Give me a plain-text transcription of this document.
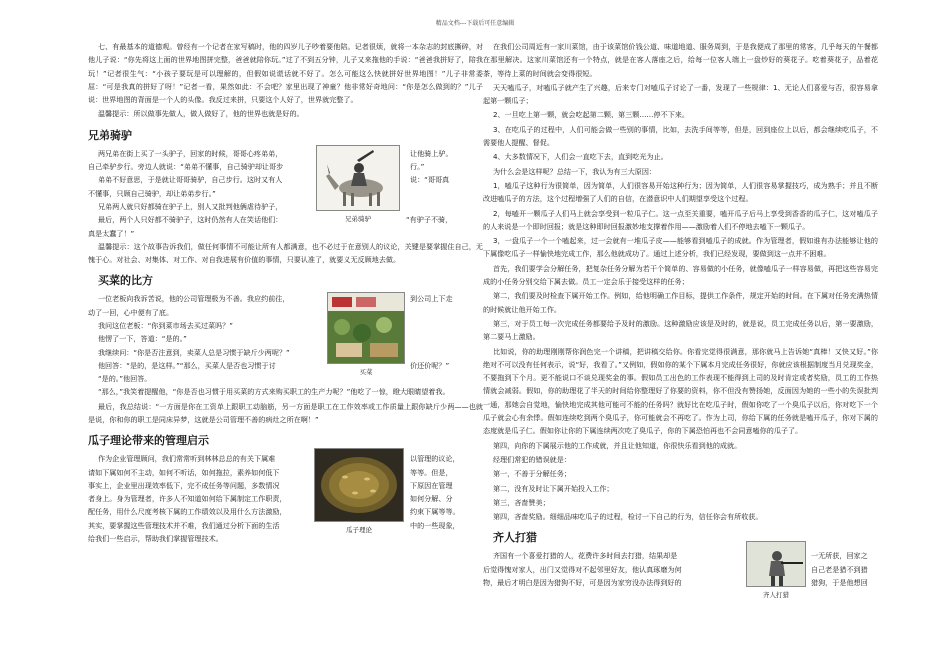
精品文档---下载后可任意编辑

七、有最基本的道德观。曾经有一个记者在家写稿时，他的四岁儿子吵着要他陪。记者很烦，就将一本杂志的封底撕碎，对他儿子说：“你先将这上面的世界地图拼完整，爸爸就陪你玩。”过了不到五分钟，儿子又来拖他的手说：“爸爸我拼好了，陪我玩！”记者很生气：“小孩子要玩是可以理解的，但假如说谎话就不好了。怎么可能这么快就拼好世界地图！”儿子非常委屈：“可是我真的拼好了呀！”记者一看，果然如此：不会吧？家里出现了神童？他非常好奇地问：“你是怎么做到的？”儿子说：世界地图的背面是一个人的头像。我反过来拼，只要这个人好了，世界就完整了。

温馨提示：所以做事先做人，做人做好了，他的世界也就是好的。

兄弟骑驴
两兄弟在街上买了一头驴子，回家的时候，哥哥心疼弟弟，	让他骑上驴。
自己牵驴步行。旁边人就说：“弟弟不懂事，自己骑驴却让哥步	行。”
弟弟不好意思，于是就让哥哥骑驴，自己步行。这时又有人	说：“哥哥真
不懂事，只顾自己骑驴，却让弟弟步行。”
兄弟两人就只好都骑在驴子上，别人又批判他俩虐待驴子，
最后，两个人只好都不骑驴子，这时仍然有人在笑话他们：	“有驴子不骑，
真是太蠢了！”
兄弟骑驴

温馨提示：这个故事告诉我们，做任何事情不可能让所有人都满意，也不必过于在意别人的议论，关键是要掌握住自己，无愧于心。对社会、对集体、对工作、对自我进展有价值的事情，只要认准了，就要义无反顾地去做。

买菜的比方
一位老板向我诉苦说，他的公司管理极为不善。我应约前往，	到公司上下走
动了一回，心中便有了底。
我问这位老板：“你到菜市场去买过菜吗？”
他愣了一下，答道：“是的。”
我继续问：“你是否注意到，卖菜人总是习惯于缺斤少两呢？”
他回答：“是的，是这样。”“那么，买菜人是否也习惯于讨	价还价呢？”
“是的。”他回答。
买菜

“那么，”我笑着提醒他，“你是否也习惯于用买菜的方式来购买职工的生产力呢？”他吃了一惊，瞪大眼睛望着我。

最后，我总结说：“一方面是你在工资单上跟职工动脑筋，另一方面是职工在工作效率或工作质量上跟你缺斤少两——也就是说，你和你的职工是同床异梦，这就是公司管理不善的病灶之所在啊！”

瓜子理论带来的管理启示
作为企业管理顾问，我们常常听到林林总总的有关下属难
请如下属如何不主动，如何不听话，如何拖拉，素养如何低下
事实上，企业里出现效率低下，完不成任务等问题，多数情况
者身上。身为管理者，许多人不知道如何给下属制定工作职责，
配任务，用什么尺度考核下属的工作绩效以及用什么方法激励，
其实，要掌握这些管理技术并不难，我们通过分析下面的生活
给我们一些启示，帮助我们掌握管理技术。
瓜子理论
以管理的议论，
等等。但是，
下原因在管理
如何分解、分
约束下属等等。
中的一些现象，

在我们公司周近有一家川菜馆，由于该菜馆价钱公道、味道地道、服务周到，于是我便成了那里的常客，几乎每天的午餐都在那里解决。这家川菜馆还有一个特点，就是在客人落座之后，给每一位客人端上一盘炒好的葵花子。吃着葵花子，品着花茶，等待上菜的时间就会变得很短。

天天嗑瓜子，对嗑瓜子就产生了兴趣，后来专门对嗑瓜子讨论了一番，发现了一些规律：1、无论人们喜爱与否，很容易拿起第一颗瓜子；

2、一旦吃上第一颗，就会吃起第二颗、第三颗……停不下来。

3、在吃瓜子的过程中，人们可能会做一些别的事情，比如，去洗手间等等，但是，回到座位上以后，都会继续吃瓜子，不需要他人提醒、督促。

4、大多数情况下，人们会一直吃下去，直到吃光为止。

为什么会是这样呢？总结一下，我认为有三大原因：

1，嗑瓜子这种行为很简单，因为简单，人们很容易开始这种行为；因为简单，人们很容易掌握技巧，成为熟手；并且不断改进嗑瓜子的方法，这个过程增强了人们的自信，在潜意识中人们期望享受这个过程。

2，每嗑开一颗瓜子人们马上就会享受到一粒瓜子仁。这一点至关重要，嗑开瓜子后马上享受到香香的瓜子仁，这对嗑瓜子的人来说是一个即时回报；就是这种即时回报激妙地支撑着作用——激励着人们不停地去嗑下一颗瓜子。

3，一盘瓜子一个一个嗑起来，过一会就有一堆瓜子皮——能够看到嗑瓜子的成就。作为管理者，假如谁有办法能够让他的下属像吃瓜子一样愉快地完成工作，那么他就成功了。通过上述分析，我们已经发现，要做到这一点并不困难。

首先，我们要学会分解任务，把复杂任务分解为若干个简单的、容易做的小任务，就像嗑瓜子一样容易做，再把这些容易完成的小任务分别交给下属去做。员工一定会乐于接受这样的任务；

第二，我们要及时检查下属开始工作。例如，给他明确工作目标，提供工作条件，规定开始的时间。在下属对任务充满热情的时候就让他开始工作。

第三，对于员工每一次完成任务都要给予及时的激励。这种激励应该是及时的，就是说，员工完成任务以后，第一要激励，第二要马上激励。

比如说，你的助理刚刚帮你润色完一个讲稿，把讲稿交给你。你看完觉得很满意，那你就马上告诉她“真棒！又快又好。”你绝对不可以没有任何表示，说“好，我看了。”又例如，假如你的某个下属本月完成任务很好，你就应该根据制度当月兑现奖金，不要拖到下个月。更不能说口不谈兑现奖金的事。假如员工出色的工作表现不能得到上司的及时肯定或者奖励，员工的工作热情就会减弱。假如，你的助理花了半天的时间给你整理好了你要的资料，你不但没有赞扬她，反面因为她的一些小的失误批判一通，那她会自觉地，愉快地完成其他可能可不能的任务吗？就好比在吃瓜子时，假如你吃了一个臭瓜子以后，你对吃下一个瓜子就会心有余悸。假如连续吃到两个臭瓜子，你可能就会不再吃了。作为上司，你给下属的任务就是嗑开瓜子，你对下属的态度就是瓜子仁。假如你让你的下属连续两次吃了臭瓜子，你的下属恐怕再也不会同意嗑你的瓜子了。

第四，向你的下属展示他的工作成就，并且让他知道，你很快乐看到他的成就。

经理们常犯的错误就是：

第一，不善于分解任务；

第二，没有及时让下属开始投入工作；

第三，吝啬赞美；

第四，吝啬奖励。细细品味吃瓜子的过程，检讨一下自己的行为，信任你会有所收获。

齐人打猎
齐国有一个喜爱打猎的人，花费许多时间去打猎，结果却是
后觉得愧对家人，出门又觉得对不起邻里好友，他认真琢磨为何
物，最后才明白是因为猎狗不好，可是因为家穷没办法得到好的
齐人打猎
一无所获，回家之
自己老是猎不到猎
猎狗，于是他想回
